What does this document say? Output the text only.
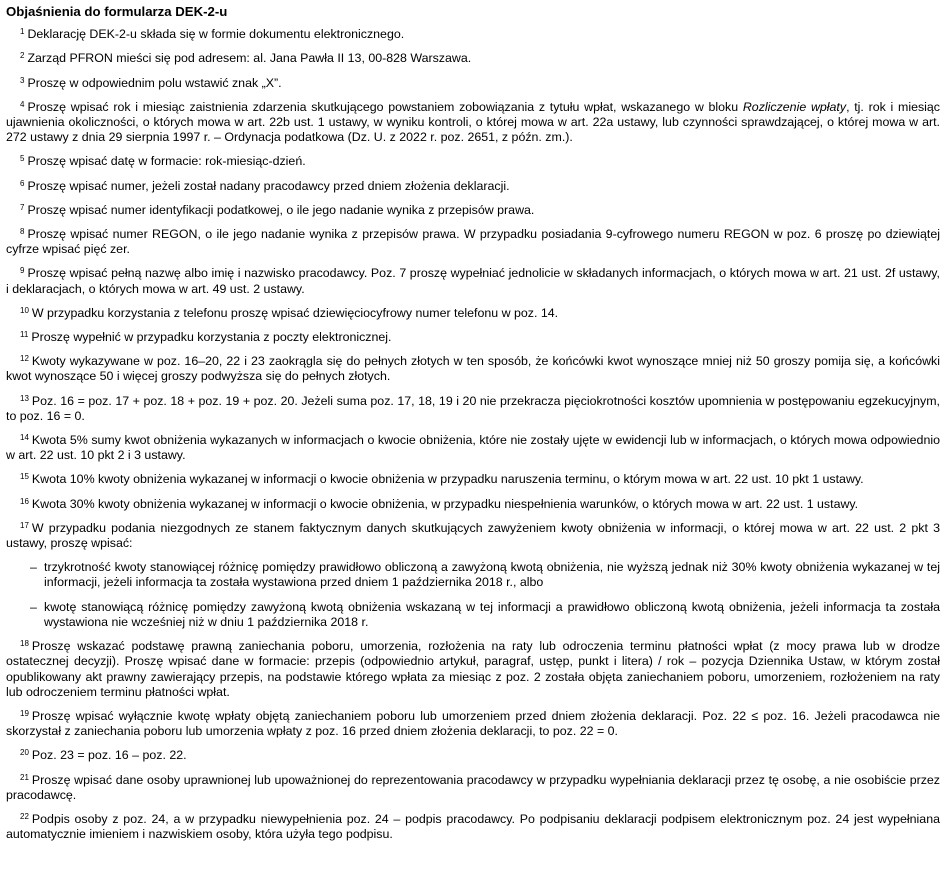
Objaśnienia do formularza DEK-2-u

$^1$ Deklarację DEK-2-u składa się w formie dokumentu elektronicznego.

$^2$ Zarząd PFRON mieści się pod adresem: al. Jana Pawła II 13, 00-828 Warszawa.

$^3$ Proszę w odpowiednim polu wstawić znak „X”.

$^4$ Proszę wpisać rok i miesiąc zaistnienia zdarzenia skutkującego powstaniem zobowiązania z tytułu wpłat, wskazanego w bloku Rozliczenie wpłaty, tj. rok i miesiąc ujawnienia okoliczności, o których mowa w art. 22b ust. 1 ustawy, w wyniku kontroli, o której mowa w art. 22a ustawy, lub czynności sprawdzającej, o której mowa w art. 272 ustawy z dnia 29 sierpnia 1997 r. – Ordynacja podatkowa (Dz. U. z 2022 r. poz. 2651, z późn. zm.).

$^5$ Proszę wpisać datę w formacie: rok-miesiąc-dzień.

$^6$ Proszę wpisać numer, jeżeli został nadany pracodawcy przed dniem złożenia deklaracji.

$^7$ Proszę wpisać numer identyfikacji podatkowej, o ile jego nadanie wynika z przepisów prawa.

$^8$ Proszę wpisać numer REGON, o ile jego nadanie wynika z przepisów prawa. W przypadku posiadania 9-cyfrowego numeru REGON w poz. 6 proszę po dziewiątej cyfrze wpisać pięć zer.

$^9$ Proszę wpisać pełną nazwę albo imię i nazwisko pracodawcy. Poz. 7 proszę wypełniać jednolicie w składanych informacjach, o których mowa w art. 21 ust. 2f ustawy, i deklaracjach, o których mowa w art. 49 ust. 2 ustawy.

$^{10}$ W przypadku korzystania z telefonu proszę wpisać dziewięciocyfrowy numer telefonu w poz. 14.

$^{11}$ Proszę wypełnić w przypadku korzystania z poczty elektronicznej.

$^{12}$ Kwoty wykazywane w poz. 16–20, 22 i 23 zaokrągla się do pełnych złotych w ten sposób, że końcówki kwot wynoszące mniej niż 50 groszy pomija się, a końcówki kwot wynoszące 50 i więcej groszy podwyższa się do pełnych złotych.

$^{13}$ Poz. 16 = poz. 17 + poz. 18 + poz. 19 + poz. 20. Jeżeli suma poz. 17, 18, 19 i 20 nie przekracza pięciokrotności kosztów upomnienia w postępowaniu egzekucyjnym, to poz. 16 = 0.

$^{14}$ Kwota 5% sumy kwot obniżenia wykazanych w informacjach o kwocie obniżenia, które nie zostały ujęte w ewidencji lub w informacjach, o których mowa odpowiednio w art. 22 ust. 10 pkt 2 i 3 ustawy.

$^{15}$ Kwota 10% kwoty obniżenia wykazanej w informacji o kwocie obniżenia w przypadku naruszenia terminu, o którym mowa w art. 22 ust. 10 pkt 1 ustawy.

$^{16}$ Kwota 30% kwoty obniżenia wykazanej w informacji o kwocie obniżenia, w przypadku niespełnienia warunków, o których mowa w art. 22 ust. 1 ustawy.

$^{17}$ W przypadku podania niezgodnych ze stanem faktycznym danych skutkujących zawyżeniem kwoty obniżenia w informacji, o której mowa w art. 22 ust. 2 pkt 3 ustawy, proszę wpisać:

– trzykrotność kwoty stanowiącej różnicę pomiędzy prawidłowo obliczoną a zawyżoną kwotą obniżenia, nie wyższą jednak niż 30% kwoty obniżenia wykazanej w tej informacji, jeżeli informacja ta została wystawiona przed dniem 1 października 2018 r., albo
– kwotę stanowiącą różnicę pomiędzy zawyżoną kwotą obniżenia wskazaną w tej informacji a prawidłowo obliczoną kwotą obniżenia, jeżeli informacja ta została wystawiona nie wcześniej niż w dniu 1 października 2018 r.

$^{18}$ Proszę wskazać podstawę prawną zaniechania poboru, umorzenia, rozłożenia na raty lub odroczenia terminu płatności wpłat (z mocy prawa lub w drodze ostatecznej decyzji). Proszę wpisać dane w formacie: przepis (odpowiednio artykuł, paragraf, ustęp, punkt i litera) / rok – pozycja Dziennika Ustaw, w którym został opublikowany akt prawny zawierający przepis, na podstawie którego wpłata za miesiąc z poz. 2 została objęta zaniechaniem poboru, umorzeniem, rozłożeniem na raty lub odroczeniem terminu płatności wpłat.

$^{19}$ Proszę wpisać wyłącznie kwotę wpłaty objętą zaniechaniem poboru lub umorzeniem przed dniem złożenia deklaracji. Poz. 22 ≤ poz. 16. Jeżeli pracodawca nie skorzystał z zaniechania poboru lub umorzenia wpłaty z poz. 16 przed dniem złożenia deklaracji, to poz. 22 = 0.

$^{20}$ Poz. 23 = poz. 16 – poz. 22.

$^{21}$ Proszę wpisać dane osoby uprawnionej lub upoważnionej do reprezentowania pracodawcy w przypadku wypełniania deklaracji przez tę osobę, a nie osobiście przez pracodawcę.

$^{22}$ Podpis osoby z poz. 24, a w przypadku niewypełnienia poz. 24 – podpis pracodawcy. Po podpisaniu deklaracji podpisem elektronicznym poz. 24 jest wypełniana automatycznie imieniem i nazwiskiem osoby, która użyła tego podpisu.
